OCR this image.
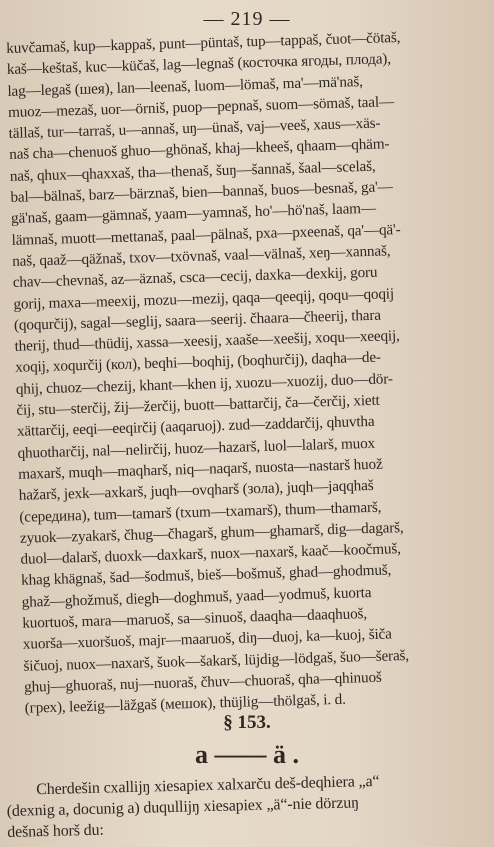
— 219 —

kuvčamaš, kup—kappaš, punt—püntaš, tup—tappaš, čuot—čötaš,

kaš—keštaš, kuc—küčaš, lag—legnaš (косточка ягоды, плода),

lag—legaš (шея), lan—leenaš, luom—lömaš, ma'—mä'naš,

muoz—mezaš, uor—örniš, puop—pepnaš, suom—sömaš, taal—

tällaš, tur—tarraš, u—annaš, uŋ—ünaš, vaj—veeš, xaus—xäs-

naš cha—chenuoš ghuo—ghönaš, khaj—kheeš, qhaam—qhäm-

naš, qhux—qhaxxaš, tha—thenaš, šuŋ—šannaš, šaal—scelaš,

bal—bälnaš, barz—bärznaš, bien—bannaš, buos—besnaš, ga'—

gä'naš, gaam—gämnaš, yaam—yamnaš, ho'—hö'naš, laam—

lämnaš, muott—mettanaš, paal—pälnaš, pxa—pxeenaš, qa'—qä'-

naš, qaaž—qäžnaš, txov—txövnaš, vaal—välnaš, xeŋ—xannaš,

chav—chevnaš, az—äznaš, csca—cecij, daxka—dexkij, goru

gorij, maxa—meexij, mozu—mezij, qaqa—qeeqij, qoqu—qoqij

(qoqurčij), sagal—seglij, saara—seerij. čhaara—čheerij, thara

therij, thud—thüdij, xassa—xeesij, xaaše—xeešij, xoqu—xeeqij,

xoqij, xoqurčij (кол), beqhi—boqhij, (boqhurčij), daqha—de-

qhij, chuoz—chezij, khant—khen ij, xuozu—xuozij, duo—dör-

čij, stu—sterčij, žij—žerčij, buott—battarčij, ča—čerčij, xiett

xättarčij, eeqi—eeqirčij (aaqaruoj). zud—zaddarčij, qhuvtha

qhuotharčij, nal—nelirčij, huoz—hazarš, luol—lalarš, muox

maxarš, muqh—maqharš, niq—naqarš, nuosta—nastarš huož

hažarš, jexk—axkarš, juqh—ovqharš (зола), juqh—jaqqhaš

(середина), tum—tamarš (txum—txamarš), thum—thamarš,

zyuok—zyakarš, čhug—čhagarš, ghum—ghamarš, dig—dagarš,

duol—dalarš, duoxk—daxkarš, nuox—naxarš, kaač—koočmuš,

khag khägnaš, šad—šodmuš, bieš—bošmuš, ghad—ghodmuš,

ghaž—ghožmuš, diegh—doghmuš, yaad—yodmuš, kuorta

kuortuoš, mara—maruoš, sa—sinuoš, daaqha—daaqhuoš,

xuorša—xuoršuoš, majr—maaruoš, diŋ—duoj, ka—kuoj, šiča

šičuoj, nuox—naxarš, šuok—šakarš, lüjdig—lödgaš, šuo—šeraš,

ghuj—ghuoraš, nuj—nuoraš, čhuv—chuoraš, qha—qhinuoš

(грех), leežig—läžgaš (мешок), thüjlig—thölgaš, i. d.

§ 153.
a —— ä .

Cherdešin cxallijŋ xiesapiex xalxarču deš-deqhiera „a“

(dexnig a, docunig a) duqullijŋ xiesapiex „ä“-nie dörzuŋ

dešnaš horš du:
